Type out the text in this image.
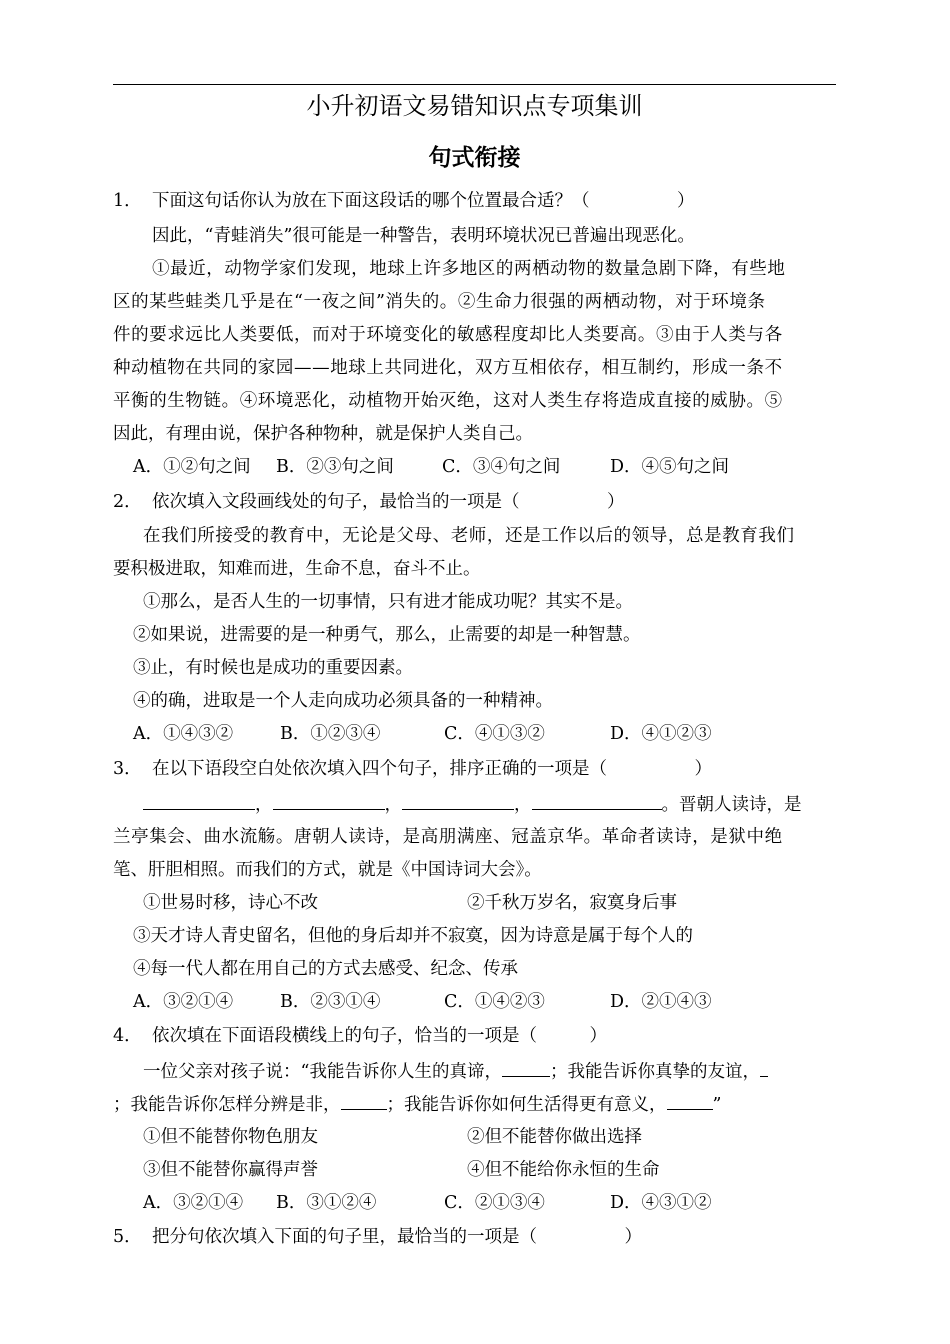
小升初语文易错知识点专项集训
句式衔接
1． 下面这句话你认为放在下面这段话的哪个位置最合适？（　　　　　）
因此，“青蛙消失”很可能是一种警告，表明环境状况已普遍出现恶化。
①最近，动物学家们发现，地球上许多地区的两栖动物的数量急剧下降，有些地
区的某些蛙类几乎是在“一夜之间”消失的。②生命力很强的两栖动物，对于环境条
件的要求远比人类要低，而对于环境变化的敏感程度却比人类要高。③由于人类与各
种动植物在共同的家园——地球上共同进化，双方互相依存，相互制约，形成一条不
平衡的生物链。④环境恶化，动植物开始灭绝，这对人类生存将造成直接的威胁。⑤
因此，有理由说，保护各种物种，就是保护人类自己。
A．①②句之间 B．②③句之间	C．③④句之间	D．④⑤句之间
2． 依次填入文段画线处的句子，最恰当的一项是（　　　　　）
在我们所接受的教育中，无论是父母、老师，还是工作以后的领导，总是教育我们
要积极进取，知难而进，生命不息，奋斗不止。
①那么，是否人生的一切事情，只有进才能成功呢？其实不是。
②如果说，进需要的是一种勇气，那么，止需要的却是一种智慧。
③止，有时候也是成功的重要因素。
④的确，进取是一个人走向成功必须具备的一种精神。
A．①④③②	B．①②③④	C．④①③②	D．④①②③
3． 在以下语段空白处依次填入四个句子，排序正确的一项是（　　　　　）
，	，	，	。晋朝人读诗，是
兰亭集会、曲水流觞。唐朝人读诗，是高朋满座、冠盖京华。革命者读诗，是狱中绝
笔、肝胆相照。而我们的方式，就是《中国诗词大会》。
①世易时移，诗心不改	②千秋万岁名，寂寞身后事
③天才诗人青史留名，但他的身后却并不寂寞，因为诗意是属于每个人的
④每一代人都在用自己的方式去感受、纪念、传承
A．③②①④	B．②③①④	C．①④②③	D．②①④③
4． 依次填在下面语段横线上的句子，恰当的一项是（　　　）
一位父亲对孩子说：“我能告诉你人生的真谛，	；我能告诉你真挚的友谊，
；我能告诉你怎样分辨是非，	；我能告诉你如何生活得更有意义，	”
①但不能替你物色朋友	②但不能替你做出选择
③但不能替你赢得声誉	④但不能给你永恒的生命
A．③②①④ B．③①②④	C．②①③④	D．④③①②
5． 把分句依次填入下面的句子里，最恰当的一项是（　　　　　）
